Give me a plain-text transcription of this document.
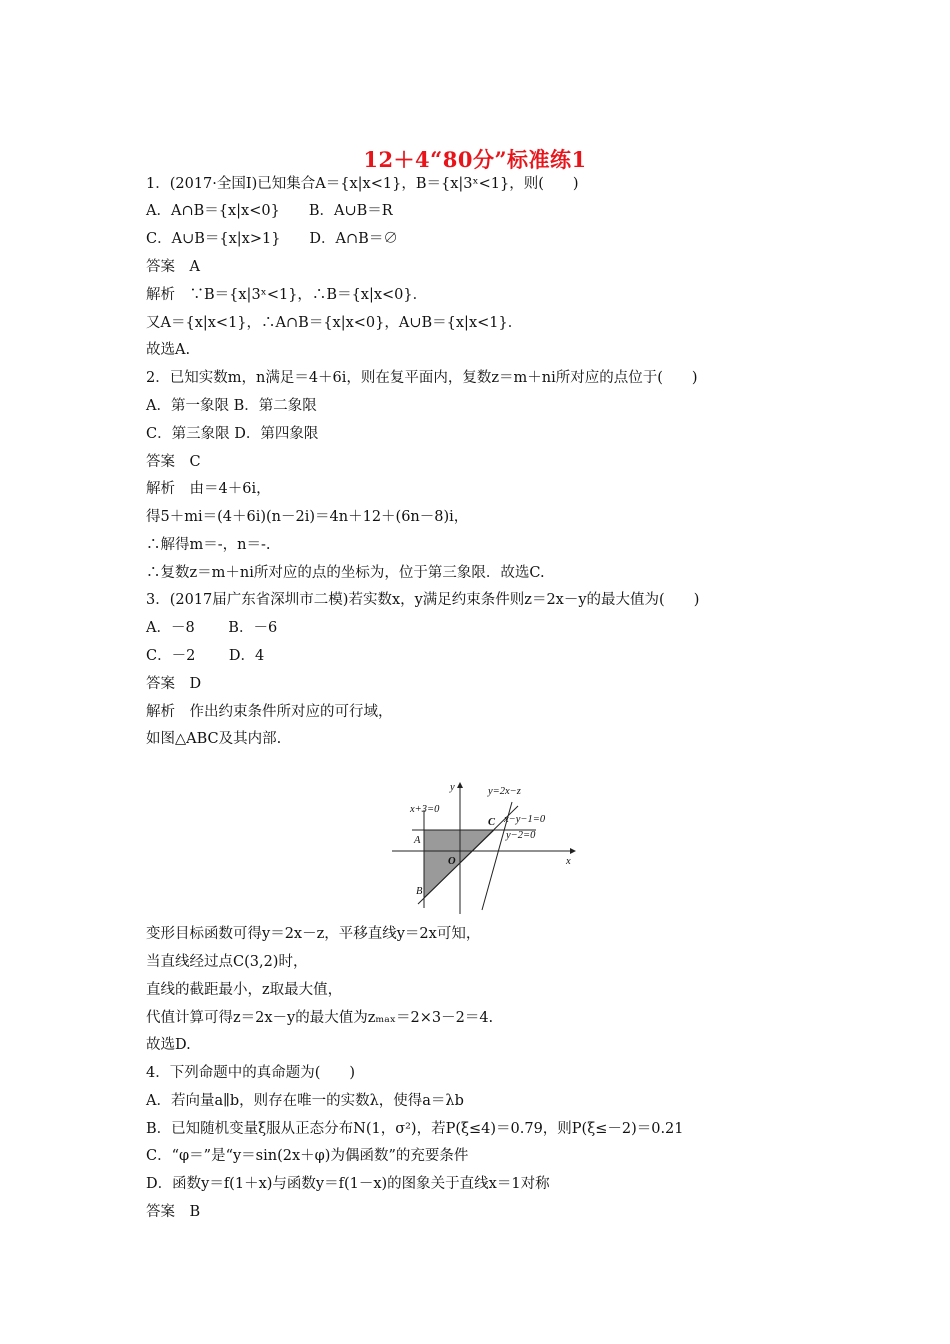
12＋4“80分”标准练1
1．(2017·全国Ⅰ)已知集合A＝{x|x<1}，B＝{x|3ˣ<1}，则(　　)
A．A∩B＝{x|x<0}　　B．A∪B＝R
C．A∪B＝{x|x>1}　　D．A∩B＝∅
答案　A
解析　∵B＝{x|3ˣ<1}，∴B＝{x|x<0}．
又A＝{x|x<1}，∴A∩B＝{x|x<0}，A∪B＝{x|x<1}．
故选A.
2．已知实数m，n满足＝4＋6i，则在复平面内，复数z＝m＋ni所对应的点位于(　　)
A．第一象限 B．第二象限
C．第三象限 D．第四象限
答案　C
解析　由＝4＋6i，
得5＋mi＝(4＋6i)(n－2i)＝4n＋12＋(6n－8)i，
∴解得m＝-，n＝-.
∴复数z＝m＋ni所对应的点的坐标为，位于第三象限．故选C.
3．(2017届广东省深圳市二模)若实数x，y满足约束条件则z＝2x－y的最大值为(　　)
A．－8　　 B．－6
C．－2　　 D．4
答案　D
解析　作出约束条件所对应的可行域，
如图△ABC及其内部.
y
x
O
A
B
C
x+3=0
y=2x−z
x−y−1=0
y−2=0
变形目标函数可得y＝2x－z，平移直线y＝2x可知，
当直线经过点C(3,2)时，
直线的截距最小，z取最大值，
代值计算可得z＝2x－y的最大值为zₘₐₓ＝2×3－2＝4.
故选D.
4．下列命题中的真命题为(　　)
A．若向量a∥b，则存在唯一的实数λ，使得a＝λb
B．已知随机变量ξ服从正态分布N(1，σ²)，若P(ξ≤4)＝0.79，则P(ξ≤－2)＝0.21
C．“φ＝”是“y＝sin(2x＋φ)为偶函数”的充要条件
D．函数y＝f(1＋x)与函数y＝f(1－x)的图象关于直线x＝1对称
答案　B
